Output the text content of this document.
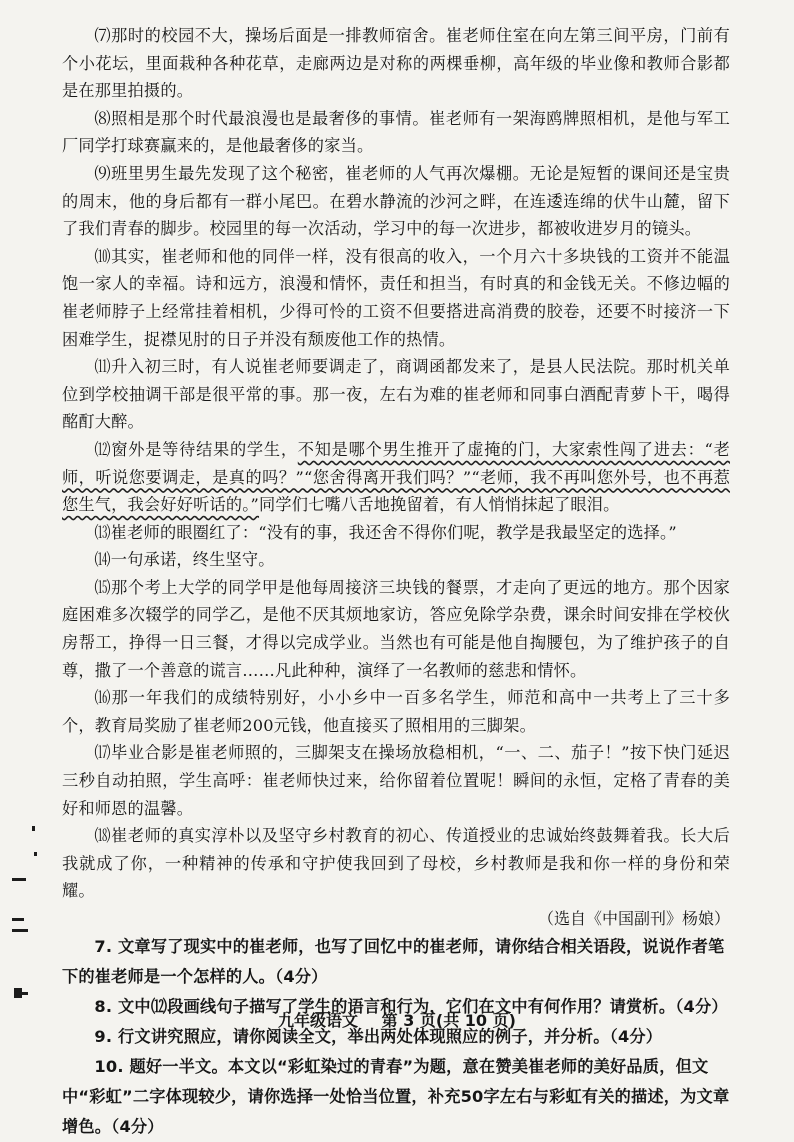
⑺那时的校园不大，操场后面是一排教师宿舍。崔老师住室在向左第三间平房，门前有个小花坛，里面栽种各种花草，走廊两边是对称的两棵垂柳，高年级的毕业像和教师合影都是在那里拍摄的。

⑻照相是那个时代最浪漫也是最奢侈的事情。崔老师有一架海鸥牌照相机，是他与军工厂同学打球赛赢来的，是他最奢侈的家当。

⑼班里男生最先发现了这个秘密，崔老师的人气再次爆棚。无论是短暂的课间还是宝贵的周末，他的身后都有一群小尾巴。在碧水静流的沙河之畔，在连逶连绵的伏牛山麓，留下了我们青春的脚步。校园里的每一次活动，学习中的每一次进步，都被收进岁月的镜头。

⑽其实，崔老师和他的同伴一样，没有很高的收入，一个月六十多块钱的工资并不能温饱一家人的幸福。诗和远方，浪漫和情怀，责任和担当，有时真的和金钱无关。不修边幅的崔老师脖子上经常挂着相机，少得可怜的工资不但要搭进高消费的胶卷，还要不时接济一下困难学生，捉襟见肘的日子并没有颓废他工作的热情。

⑾升入初三时，有人说崔老师要调走了，商调函都发来了，是县人民法院。那时机关单位到学校抽调干部是很平常的事。那一夜，左右为难的崔老师和同事白酒配青萝卜干，喝得酩酊大醉。

⑿窗外是等待结果的学生，不知是哪个男生推开了虚掩的门，大家索性闯了进去：“老师，听说您要调走，是真的吗？”“您舍得离开我们吗？”“老师，我不再叫您外号，也不再惹您生气，我会好好听话的。”同学们七嘴八舌地挽留着，有人悄悄抹起了眼泪。

⒀崔老师的眼圈红了：“没有的事，我还舍不得你们呢，教学是我最坚定的选择。”

⒁一句承诺，终生坚守。

⒂那个考上大学的同学甲是他每周接济三块钱的餐票，才走向了更远的地方。那个因家庭困难多次辍学的同学乙，是他不厌其烦地家访，答应免除学杂费，课余时间安排在学校伙房帮工，挣得一日三餐，才得以完成学业。当然也有可能是他自掏腰包，为了维护孩子的自尊，撒了一个善意的谎言……凡此种种，演绎了一名教师的慈悲和情怀。

⒃那一年我们的成绩特别好，小小乡中一百多名学生，师范和高中一共考上了三十多个，教育局奖励了崔老师200元钱，他直接买了照相用的三脚架。

⒄毕业合影是崔老师照的，三脚架支在操场放稳相机，“一、二、茄子！”按下快门延迟三秒自动拍照，学生高呼：崔老师快过来，给你留着位置呢！瞬间的永恒，定格了青春的美好和师恩的温馨。

⒅崔老师的真实淳朴以及坚守乡村教育的初心、传道授业的忠诚始终鼓舞着我。长大后我就成了你，一种精神的传承和守护使我回到了母校，乡村教师是我和你一样的身份和荣耀。

（选自《中国副刊》杨娘）

7. 文章写了现实中的崔老师，也写了回忆中的崔老师，请你结合相关语段，说说作者笔下的崔老师是一个怎样的人。（4分）

8. 文中⑿段画线句子描写了学生的语言和行为，它们在文中有何作用？请赏析。（4分）

9. 行文讲究照应，请你阅读全文，举出两处体现照应的例子，并分析。（4分）

10. 题好一半文。本文以“彩虹染过的青春”为题，意在赞美崔老师的美好品质，但文中“彩虹”二字体现较少，请你选择一处恰当位置，补充50字左右与彩虹有关的描述，为文章增色。（4分）

九年级语文 第 3 页(共 10 页)
